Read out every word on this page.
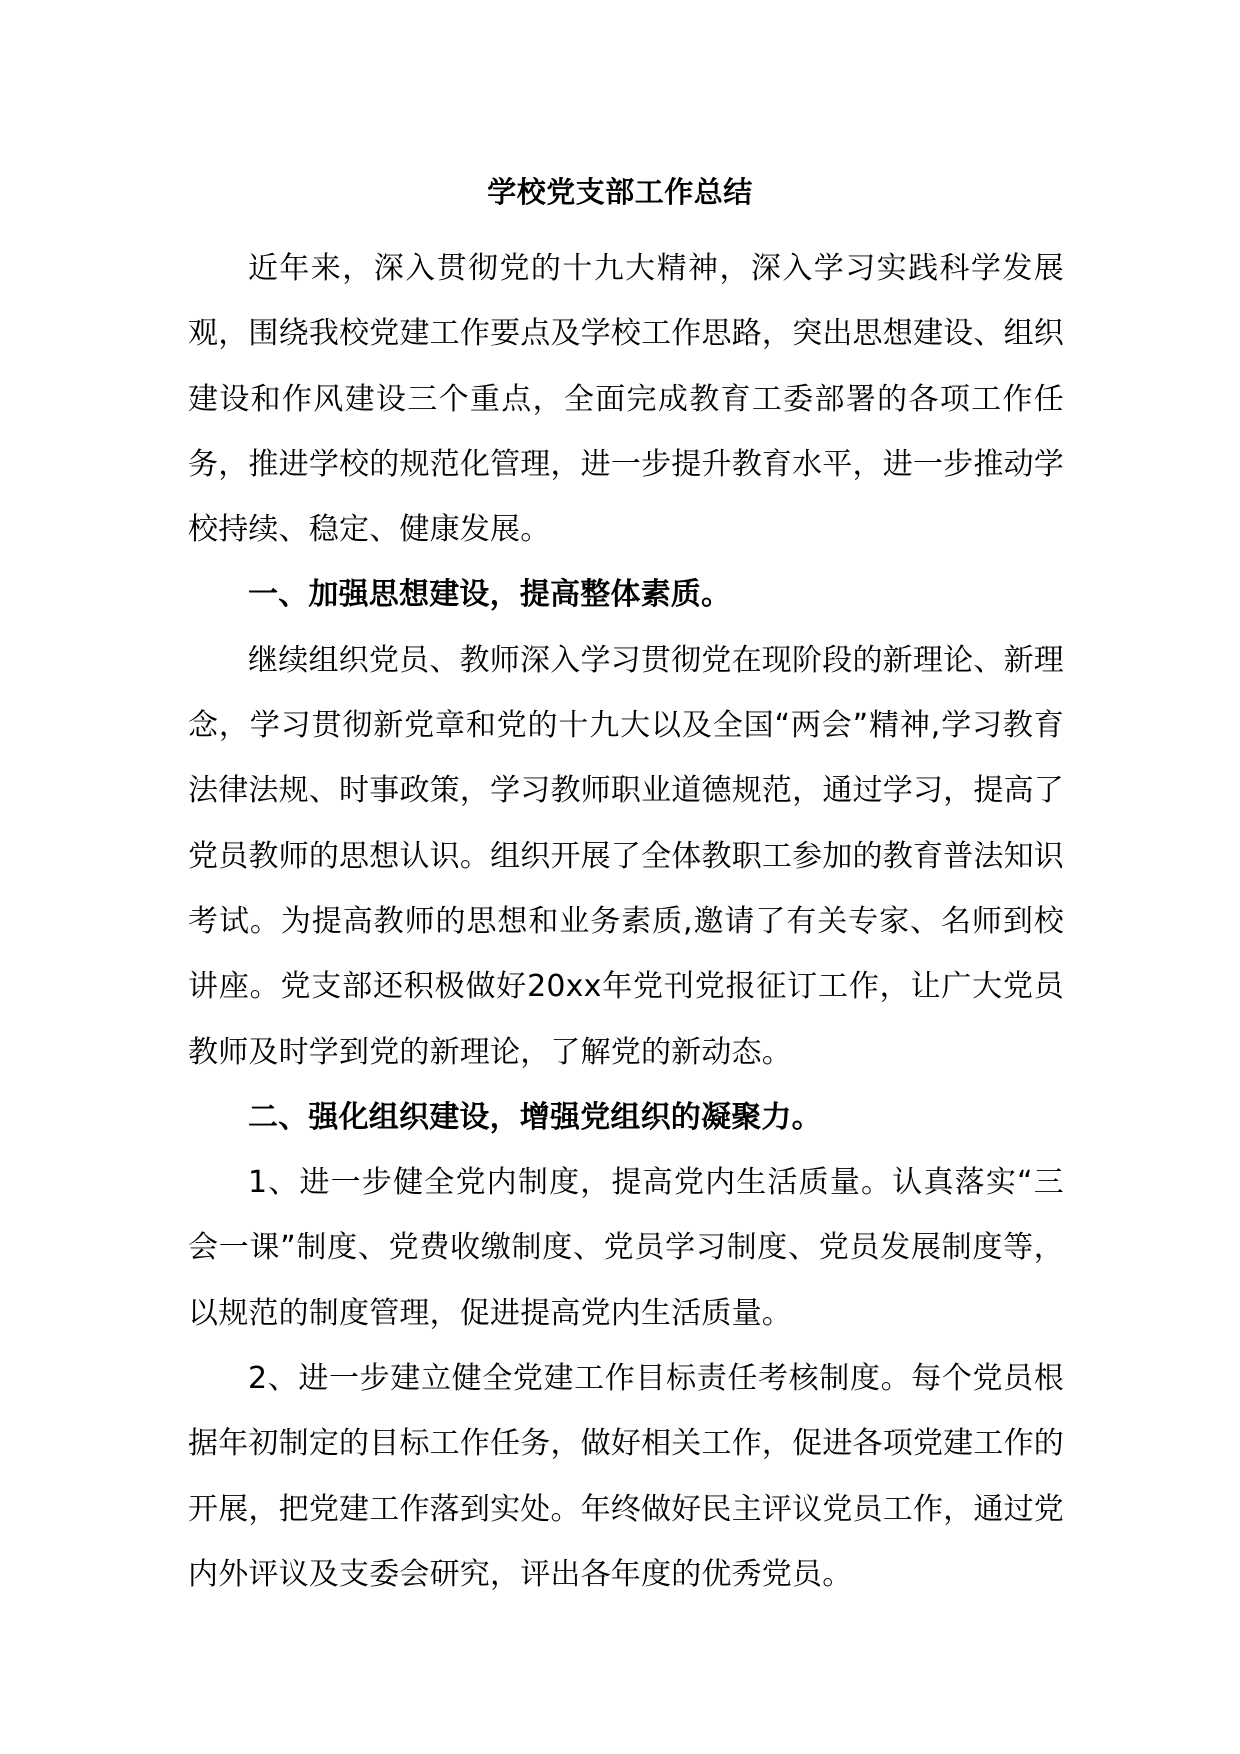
学校党支部工作总结

近年来，深入贯彻党的十九大精神，深入学习实践科学发展观，围绕我校党建工作要点及学校工作思路，突出思想建设、组织建设和作风建设三个重点，全面完成教育工委部署的各项工作任务，推进学校的规范化管理，进一步提升教育水平，进一步推动学校持续、稳定、健康发展。

一、加强思想建设，提高整体素质。

继续组织党员、教师深入学习贯彻党在现阶段的新理论、新理念，学习贯彻新党章和党的十九大以及全国“两会”精神,学习教育法律法规、时事政策，学习教师职业道德规范，通过学习，提高了党员教师的思想认识。组织开展了全体教职工参加的教育普法知识考试。为提高教师的思想和业务素质,邀请了有关专家、名师到校讲座。党支部还积极做好20xx年党刊党报征订工作，让广大党员教师及时学到党的新理论，了解党的新动态。

二、强化组织建设，增强党组织的凝聚力。

1、进一步健全党内制度，提高党内生活质量。认真落实“三会一课”制度、党费收缴制度、党员学习制度、党员发展制度等，以规范的制度管理，促进提高党内生活质量。

2、进一步建立健全党建工作目标责任考核制度。每个党员根据年初制定的目标工作任务，做好相关工作，促进各项党建工作的开展，把党建工作落到实处。年终做好民主评议党员工作，通过党内外评议及支委会研究，评出各年度的优秀党员。
